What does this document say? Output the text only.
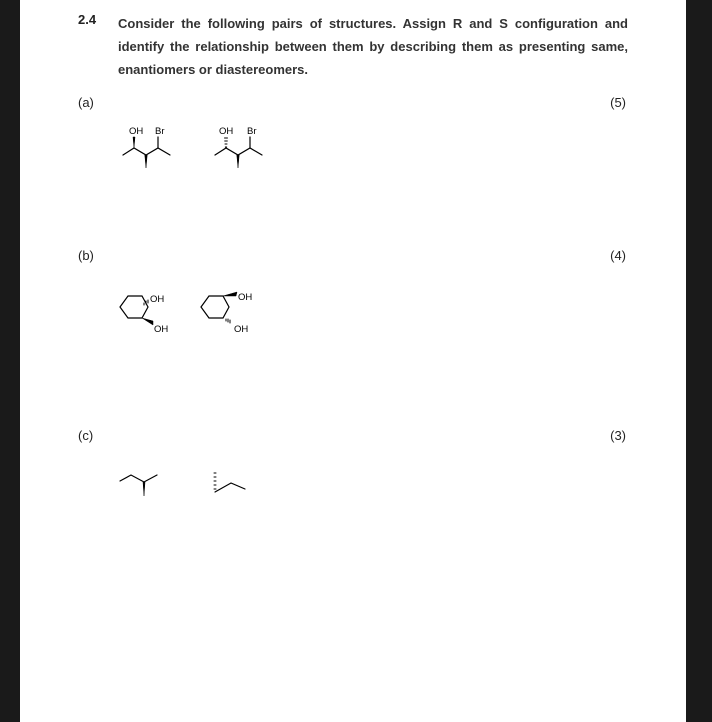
2.4 Consider the following pairs of structures. Assign R and S configuration and identify the relationship between them by describing them as presenting same, enantiomers or diastereomers.
(a)	(5)
OH Br	OH Br
(b)	(4)
OH
OH
OH
OH
(c)	(3)
